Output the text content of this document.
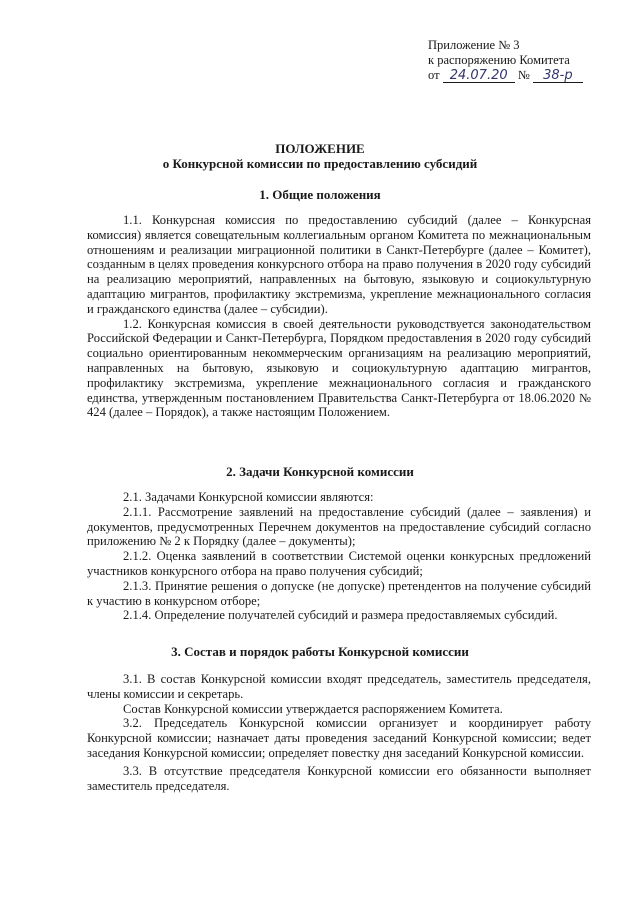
Приложение № 3
к распоряжению Комитета
от 24.07.20 № 38-р
ПОЛОЖЕНИЕ
о Конкурсной комиссии по предоставлению субсидий
1. Общие положения

1.1. Конкурсная комиссия по предоставлению субсидий (далее – Конкурсная комиссия) является совещательным коллегиальным органом Комитета по межнациональным отношениям и реализации миграционной политики в Санкт-Петербурге (далее – Комитет), созданным в целях проведения конкурсного отбора на право получения в 2020 году субсидий на реализацию мероприятий, направленных на бытовую, языковую и социокультурную адаптацию мигрантов, профилактику экстремизма, укрепление межнационального согласия и гражданского единства (далее – субсидии).

1.2. Конкурсная комиссия в своей деятельности руководствуется законодательством Российской Федерации и Санкт-Петербурга, Порядком предоставления в 2020 году субсидий социально ориентированным некоммерческим организациям на реализацию мероприятий, направленных на бытовую, языковую и социокультурную адаптацию мигрантов, профилактику экстремизма, укрепление межнационального согласия и гражданского единства, утвержденным постановлением Правительства Санкт-Петербурга от 18.06.2020 № 424 (далее – Порядок), а также настоящим Положением.

2. Задачи Конкурсной комиссии

2.1. Задачами Конкурсной комиссии являются:

2.1.1. Рассмотрение заявлений на предоставление субсидий (далее – заявления) и документов, предусмотренных Перечнем документов на предоставление субсидий согласно приложению № 2 к Порядку (далее – документы);

2.1.2. Оценка заявлений в соответствии Системой оценки конкурсных предложений участников конкурсного отбора на право получения субсидий;

2.1.3. Принятие решения о допуске (не допуске) претендентов на получение субсидий к участию в конкурсном отборе;

2.1.4. Определение получателей субсидий и размера предоставляемых субсидий.

3. Состав и порядок работы Конкурсной комиссии

3.1. В состав Конкурсной комиссии входят председатель, заместитель председателя, члены комиссии и секретарь.

Состав Конкурсной комиссии утверждается распоряжением Комитета.

3.2. Председатель Конкурсной комиссии организует и координирует работу Конкурсной комиссии; назначает даты проведения заседаний Конкурсной комиссии; ведет заседания Конкурсной комиссии; определяет повестку дня заседаний Конкурсной комиссии.

3.3. В отсутствие председателя Конкурсной комиссии его обязанности выполняет заместитель председателя.
